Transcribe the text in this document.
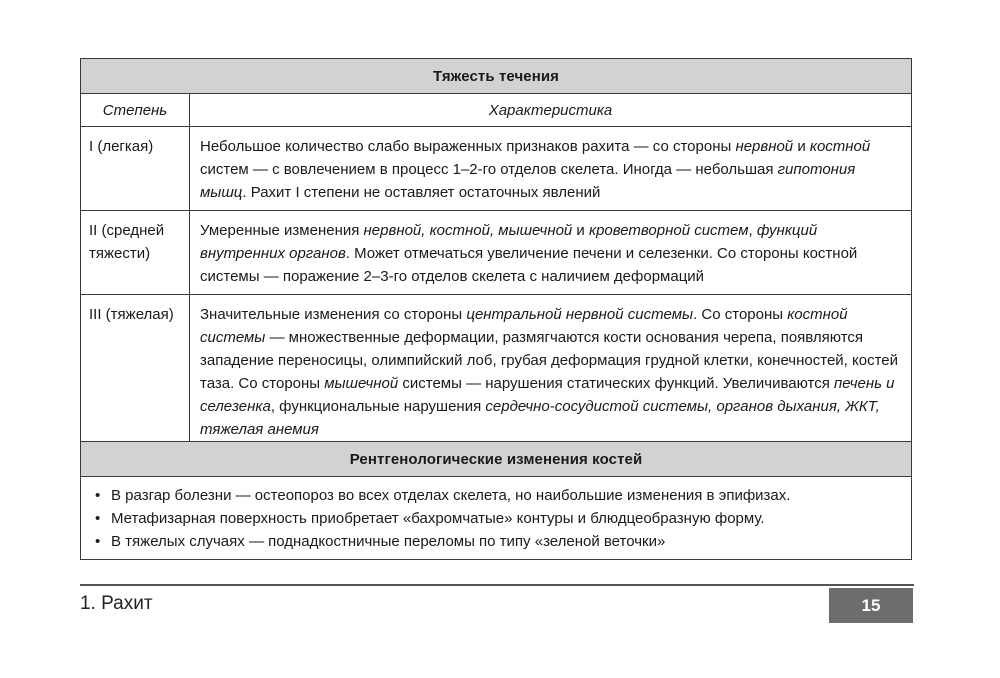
Тяжесть течения	
Степень	Характеристика
I (легкая)	Небольшое количество слабо выраженных признаков рахита — со стороны нервной и костной систем — с вовлечением в процесс 1–2-го отделов скелета. Иногда — небольшая гипотония мышц. Рахит I степени не оставляет остаточных явлений
II (средней тяжести)	Умеренные изменения нервной, костной, мышечной и кроветворной систем, функций внутренних органов. Может отмечаться увеличение печени и селезенки. Со стороны костной системы — поражение 2–3-го отделов скелета с наличием деформаций
III (тяжелая)	Значительные изменения со стороны центральной нервной системы. Со стороны костной системы — множественные деформации, размягчаются кости основания черепа, появляются западение переносицы, олимпийский лоб, грубая деформация грудной клетки, конечностей, костей таза. Со стороны мышечной системы — нарушения статических функций. Увеличиваются печень и селезенка, функциональные нарушения сердечно-сосудистой системы, органов дыхания, ЖКТ, тяжелая анемия
Рентгенологические изменения костей

• В разгар болезни — остеопороз во всех отделах скелета, но наибольшие изменения в эпифизах.
• Метафизарная поверхность приобретает «бахромчатые» контуры и блюдцеобразную форму.
• В тяжелых случаях — поднадкостничные переломы по типу «зеленой веточки»
1. Рахит	15
